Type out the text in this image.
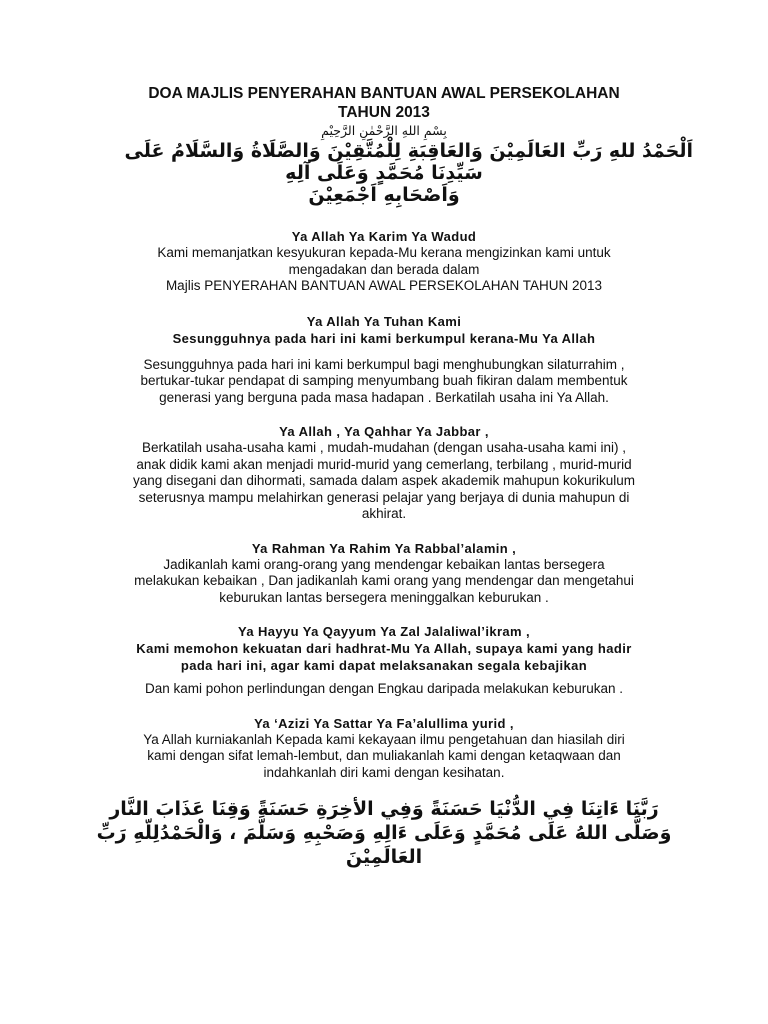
DOA MAJLIS PENYERAHAN BANTUAN AWAL PERSEKOLAHAN
TAHUN 2013
بِسْمِ اللهِ الرَّحْمٰنِ الرَّحِيْمِ
اَلْحَمْدُ للهِ رَبِّ العَالَمِيْنَ وَالعَاقِبَةِ لِلْمُتَّقِيْنَ وَالصَّلَاةُ وَالسَّلَامُ عَلَى
سَيِّدِنَا مُحَمَّدٍ وَعَلَى آلِهِ
وَاَصْحَابِهِ اَجْمَعِيْنَ
Ya Allah Ya Karim Ya Wadud
Kami memanjatkan kesyukuran kepada-Mu kerana mengizinkan kami untuk
mengadakan dan berada dalam
Majlis PENYERAHAN BANTUAN AWAL PERSEKOLAHAN TAHUN 2013
Ya Allah Ya Tuhan Kami
Sesungguhnya pada hari ini kami berkumpul kerana-Mu Ya Allah
Sesungguhnya pada hari ini kami berkumpul bagi menghubungkan silaturrahim ,
bertukar-tukar pendapat di samping menyumbang buah fikiran dalam membentuk
generasi yang berguna pada masa hadapan . Berkatilah usaha ini Ya Allah.
Ya Allah , Ya Qahhar Ya Jabbar ,
Berkatilah usaha-usaha kami , mudah-mudahan (dengan usaha-usaha kami ini) ,
anak didik kami akan menjadi murid-murid yang cemerlang, terbilang , murid-murid
yang disegani dan dihormati, samada dalam aspek akademik mahupun kokurikulum
seterusnya mampu melahirkan generasi pelajar yang berjaya di dunia mahupun di
akhirat.
Ya Rahman Ya Rahim Ya Rabbal’alamin ,
Jadikanlah kami orang-orang yang mendengar kebaikan lantas bersegera
melakukan kebaikan , Dan jadikanlah kami orang yang mendengar dan mengetahui
keburukan lantas bersegera meninggalkan keburukan .
Ya Hayyu Ya Qayyum Ya Zal Jalaliwal’ikram ,
Kami memohon kekuatan dari hadhrat-Mu Ya Allah, supaya kami yang hadir
pada hari ini, agar kami dapat melaksanakan segala kebajikan
Dan kami pohon perlindungan dengan Engkau daripada melakukan keburukan .
Ya ‘Azizi Ya Sattar Ya Fa’alullima yurid ,
Ya Allah kurniakanlah Kepada kami kekayaan ilmu pengetahuan dan hiasilah diri
kami dengan sifat lemah-lembut, dan muliakanlah kami dengan ketaqwaan dan
indahkanlah diri kami dengan kesihatan.
رَبَّنَا ءَاتِنَا فِي الدُّنْيَا حَسَنَةً وَفِي الأخِرَةِ حَسَنَةً وَقِنَا عَذَابَ النَّار
وَصَلَّى اللهُ عَلَى مُحَمَّدٍ وَعَلَى ءَالِهِ وَصَحْبِهِ وَسَلَّمَ ، وَالْحَمْدُلِلّهِ رَبِّ
العَالَمِيْنَ
